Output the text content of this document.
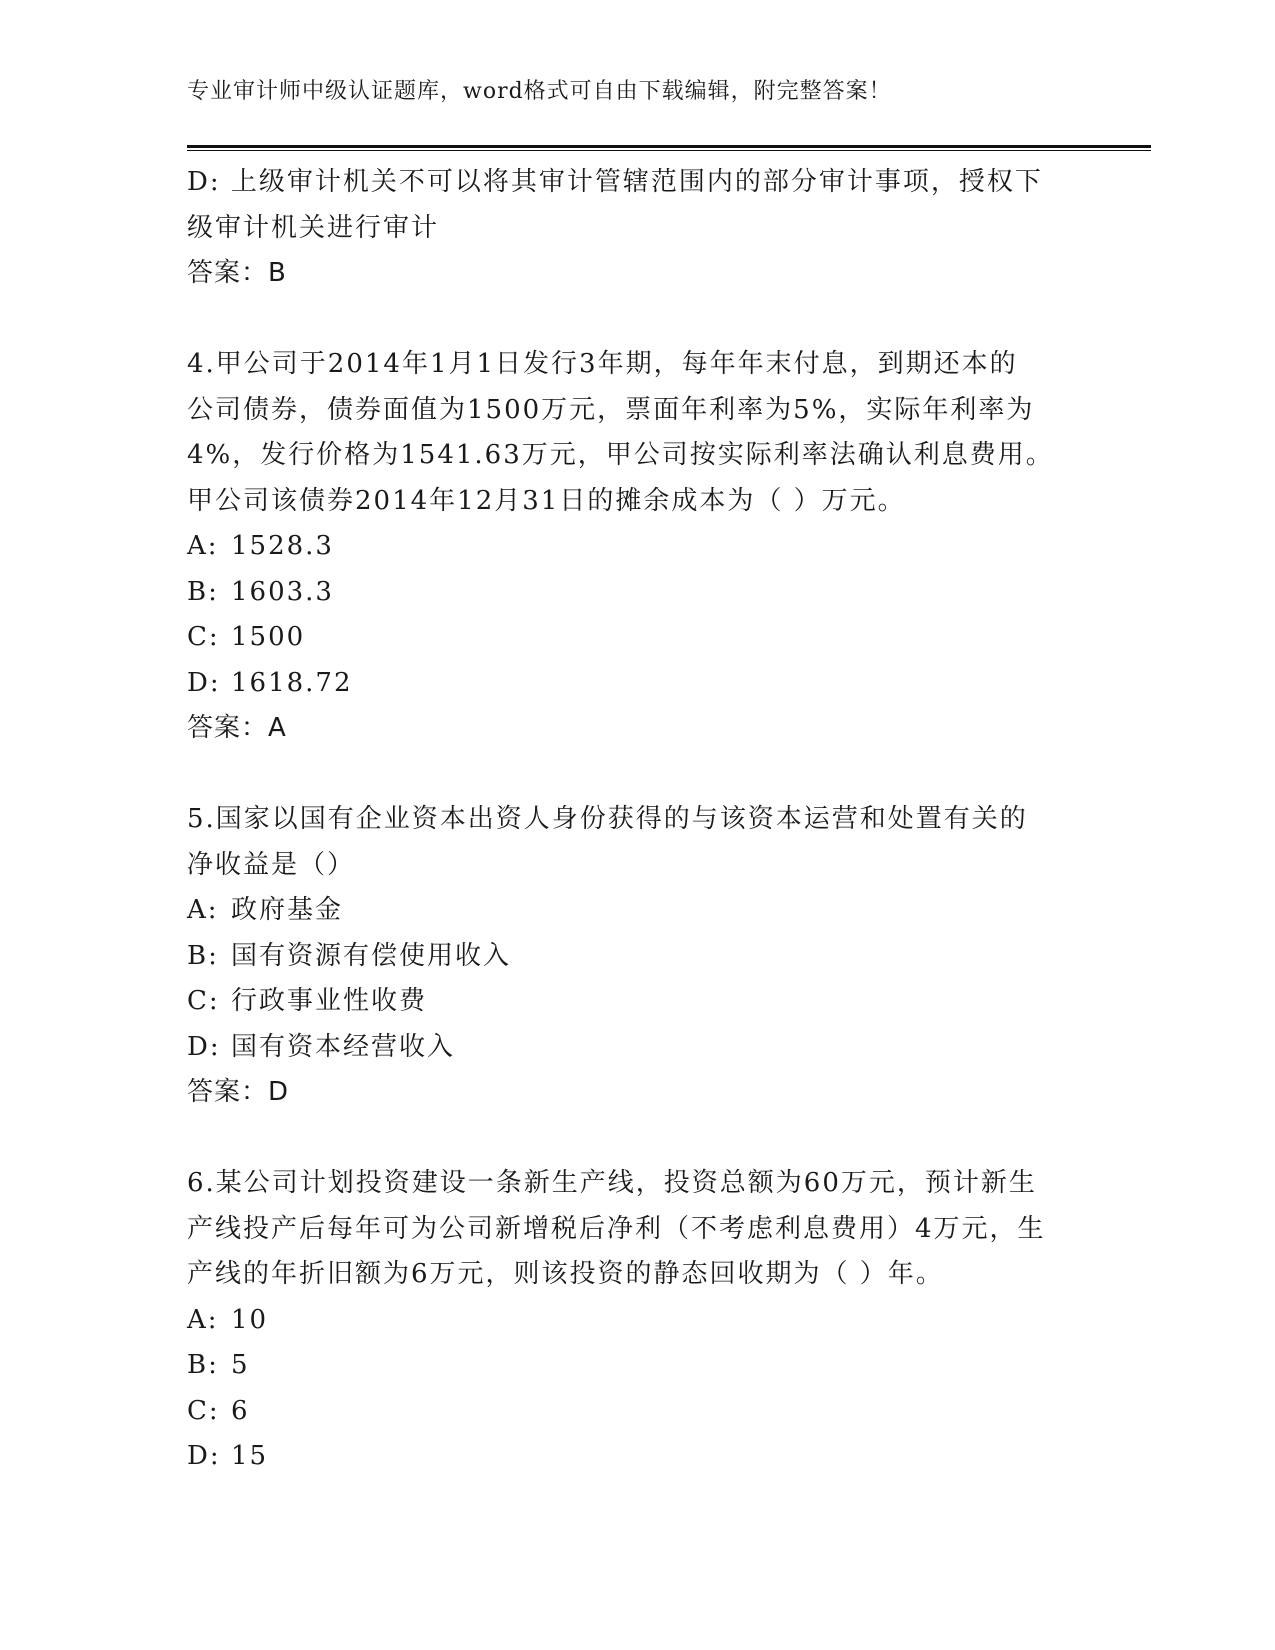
专业审计师中级认证题库，word格式可自由下载编辑，附完整答案！
D: 上级审计机关不可以将其审计管辖范围内的部分审计事项，授权下
级审计机关进行审计
答案：B
4.甲公司于2014年1月1日发行3年期，每年年末付息，到期还本的
公司债券，债券面值为1500万元，票面年利率为5%，实际年利率为
4%，发行价格为1541.63万元，甲公司按实际利率法确认利息费用。
甲公司该债券2014年12月31日的摊余成本为（ ）万元。
A: 1528.3
B: 1603.3
C: 1500
D: 1618.72
答案：A
5.国家以国有企业资本出资人身份获得的与该资本运营和处置有关的
净收益是（）
A: 政府基金
B: 国有资源有偿使用收入
C: 行政事业性收费
D: 国有资本经营收入
答案：D
6.某公司计划投资建设一条新生产线，投资总额为60万元，预计新生
产线投产后每年可为公司新增税后净利（不考虑利息费用）4万元，生
产线的年折旧额为6万元，则该投资的静态回收期为（ ）年。
A: 10
B: 5
C: 6
D: 15
